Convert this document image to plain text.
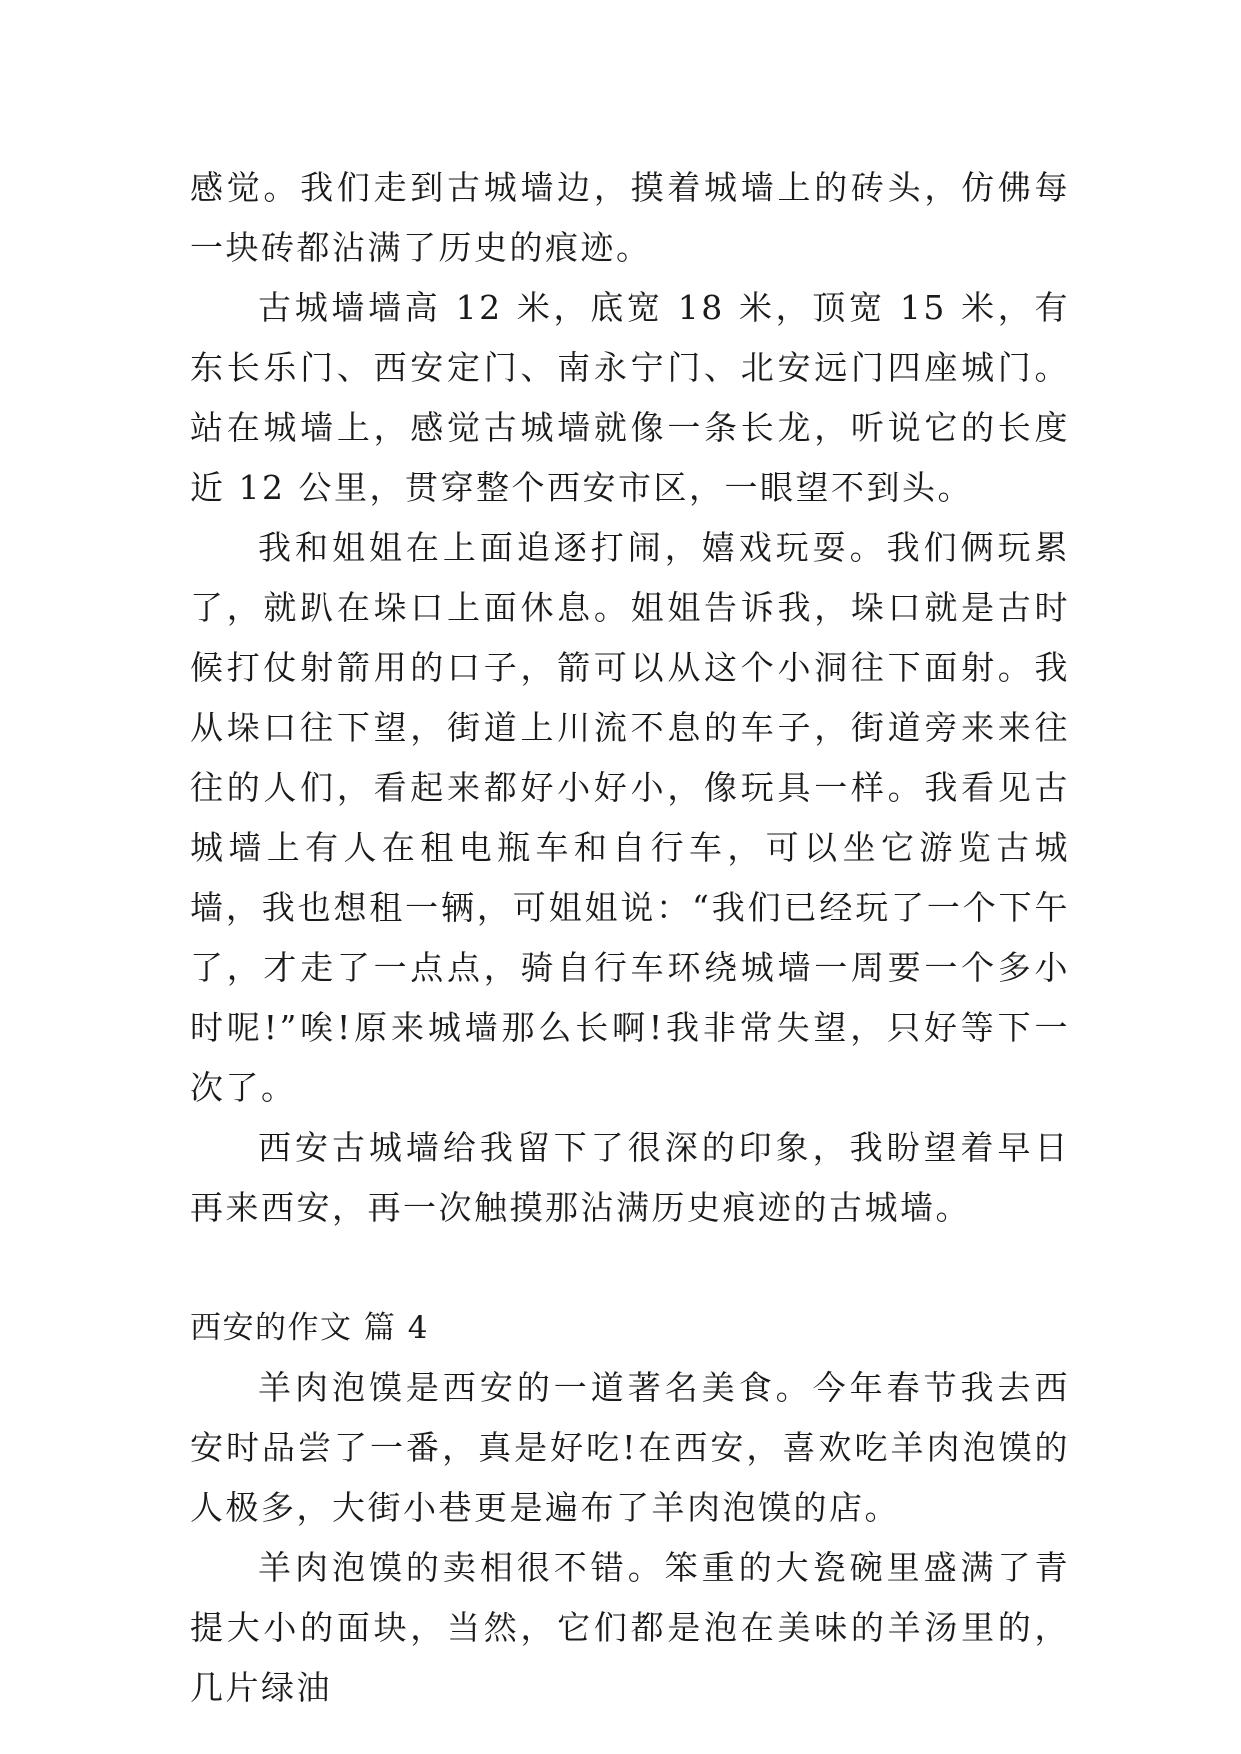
感觉。我们走到古城墙边，摸着城墙上的砖头，仿佛每一块砖都沾满了历史的痕迹。

古城墙墙高 12 米，底宽 18 米，顶宽 15 米，有东长乐门、西安定门、南永宁门、北安远门四座城门。站在城墙上，感觉古城墙就像一条长龙，听说它的长度近 12 公里，贯穿整个西安市区，一眼望不到头。

我和姐姐在上面追逐打闹，嬉戏玩耍。我们俩玩累了，就趴在垛口上面休息。姐姐告诉我，垛口就是古时候打仗射箭用的口子，箭可以从这个小洞往下面射。我从垛口往下望，街道上川流不息的车子，街道旁来来往往的人们，看起来都好小好小，像玩具一样。我看见古城墙上有人在租电瓶车和自行车，可以坐它游览古城墙，我也想租一辆，可姐姐说：“我们已经玩了一个下午了，才走了一点点，骑自行车环绕城墙一周要一个多小时呢!”唉!原来城墙那么长啊!我非常失望，只好等下一次了。

西安古城墙给我留下了很深的印象，我盼望着早日再来西安，再一次触摸那沾满历史痕迹的古城墙。

西安的作文 篇 4

羊肉泡馍是西安的一道著名美食。今年春节我去西安时品尝了一番，真是好吃!在西安，喜欢吃羊肉泡馍的人极多，大街小巷更是遍布了羊肉泡馍的店。

羊肉泡馍的卖相很不错。笨重的大瓷碗里盛满了青提大小的面块，当然，它们都是泡在美味的羊汤里的，几片绿油
